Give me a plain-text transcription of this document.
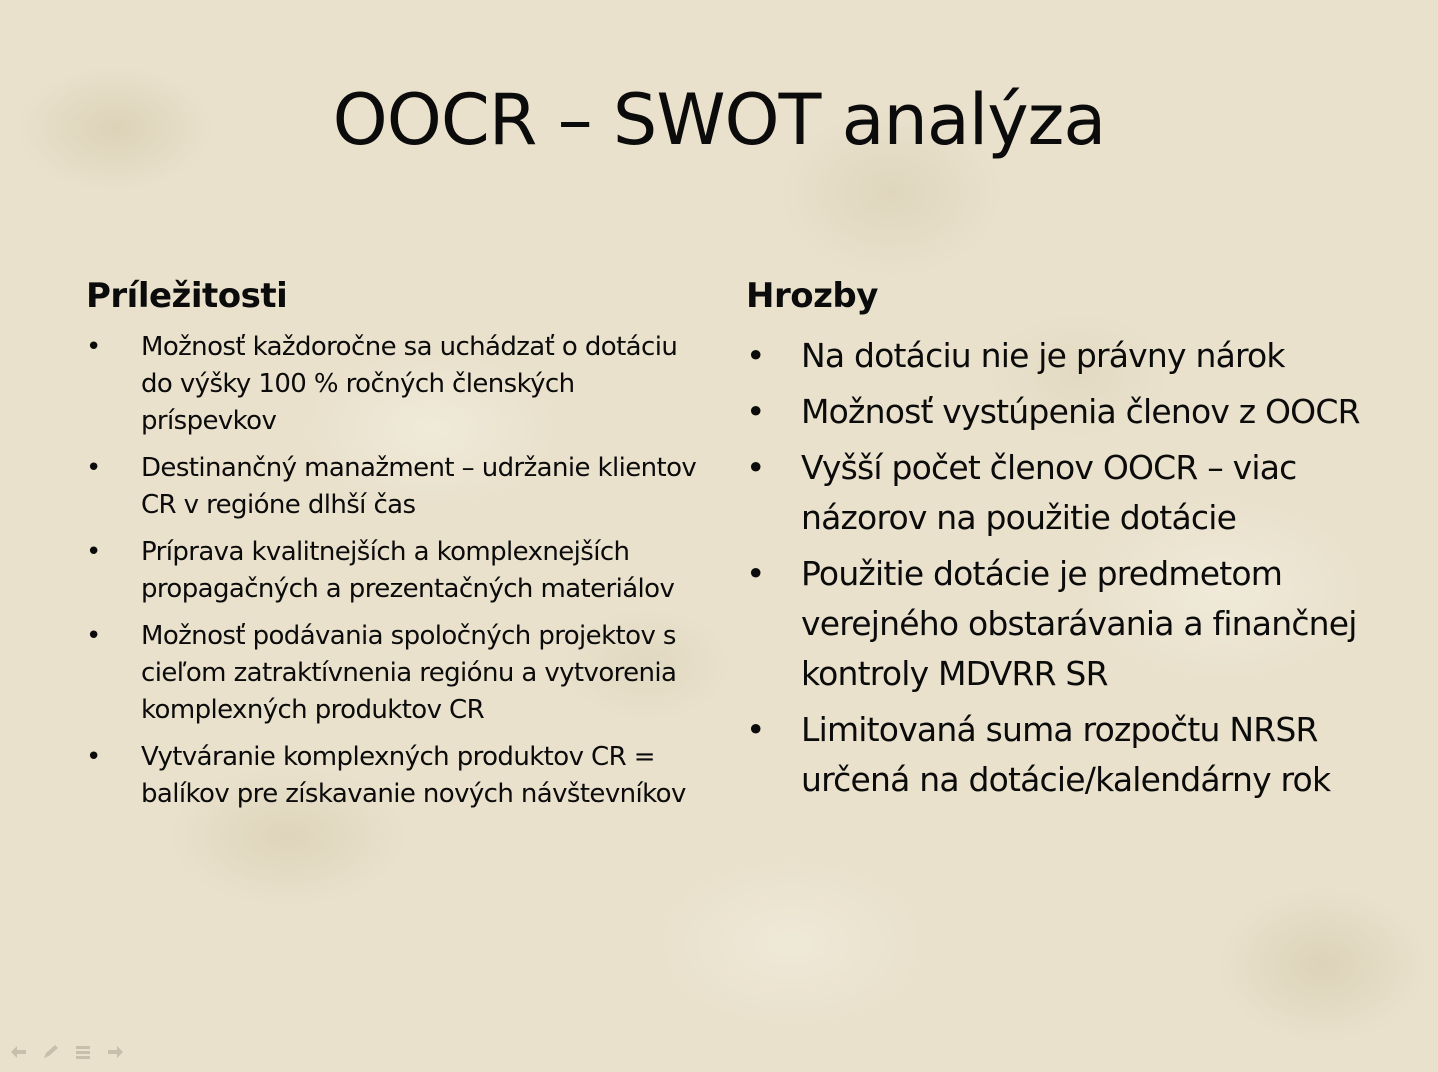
OOCR – SWOT analýza
Príležitosti
• Možnosť každoročne sa uchádzať o dotáciu do výšky 100 % ročných členských príspevkov
• Destinančný manažment – udržanie klientov CR v regióne dlhší čas
• Príprava kvalitnejších a komplexnejších propagačných a prezentačných materiálov
• Možnosť podávania spoločných projektov s cieľom zatraktívnenia regiónu a vytvorenia komplexných produktov CR
• Vytváranie komplexných produktov CR = balíkov pre získavanie nových návštevníkov
Hrozby
• Na dotáciu nie je právny nárok
• Možnosť vystúpenia členov z OOCR
• Vyšší počet členov OOCR – viac názorov na použitie dotácie
• Použitie dotácie je predmetom verejného obstarávania a finančnej kontroly MDVRR SR
• Limitovaná suma rozpočtu NRSR určená na dotácie/kalendárny rok
